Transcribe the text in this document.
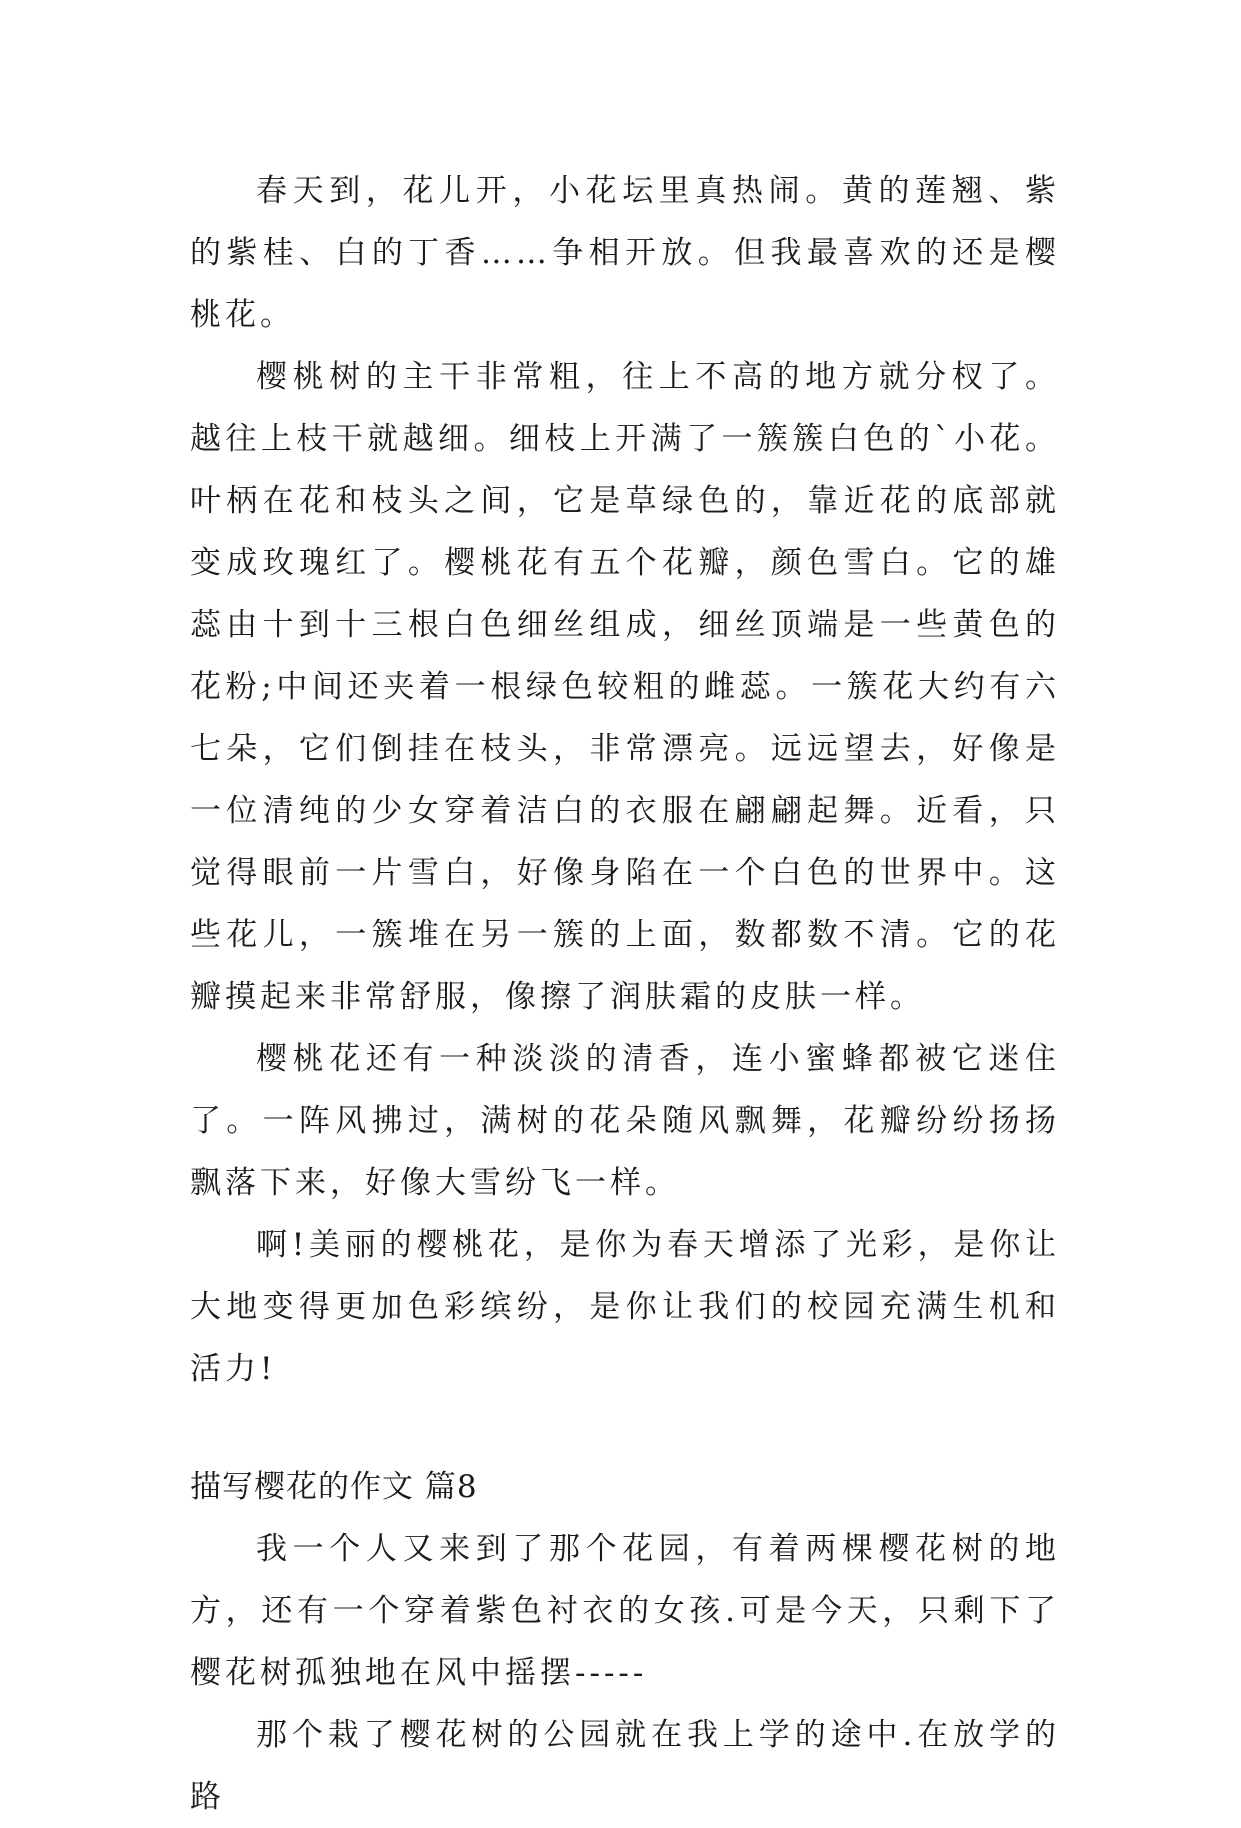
春天到，花儿开，小花坛里真热闹。黄的莲翘、紫的紫桂、白的丁香……争相开放。但我最喜欢的还是樱桃花。

樱桃树的主干非常粗，往上不高的地方就分杈了。越往上枝干就越细。细枝上开满了一簇簇白色的`小花。叶柄在花和枝头之间，它是草绿色的，靠近花的底部就变成玫瑰红了。樱桃花有五个花瓣，颜色雪白。它的雄蕊由十到十三根白色细丝组成，细丝顶端是一些黄色的花粉;中间还夹着一根绿色较粗的雌蕊。一簇花大约有六七朵，它们倒挂在枝头，非常漂亮。远远望去，好像是一位清纯的少女穿着洁白的衣服在翩翩起舞。近看，只觉得眼前一片雪白，好像身陷在一个白色的世界中。这些花儿，一簇堆在另一簇的上面，数都数不清。它的花瓣摸起来非常舒服，像擦了润肤霜的皮肤一样。

樱桃花还有一种淡淡的清香，连小蜜蜂都被它迷住了。一阵风拂过，满树的花朵随风飘舞，花瓣纷纷扬扬飘落下来，好像大雪纷飞一样。

啊!美丽的樱桃花，是你为春天增添了光彩，是你让大地变得更加色彩缤纷，是你让我们的校园充满生机和活力!

描写樱花的作文 篇8

我一个人又来到了那个花园，有着两棵樱花树的地方，还有一个穿着紫色衬衣的女孩.可是今天，只剩下了樱花树孤独地在风中摇摆-----

那个栽了樱花树的公园就在我上学的途中.在放学的路
